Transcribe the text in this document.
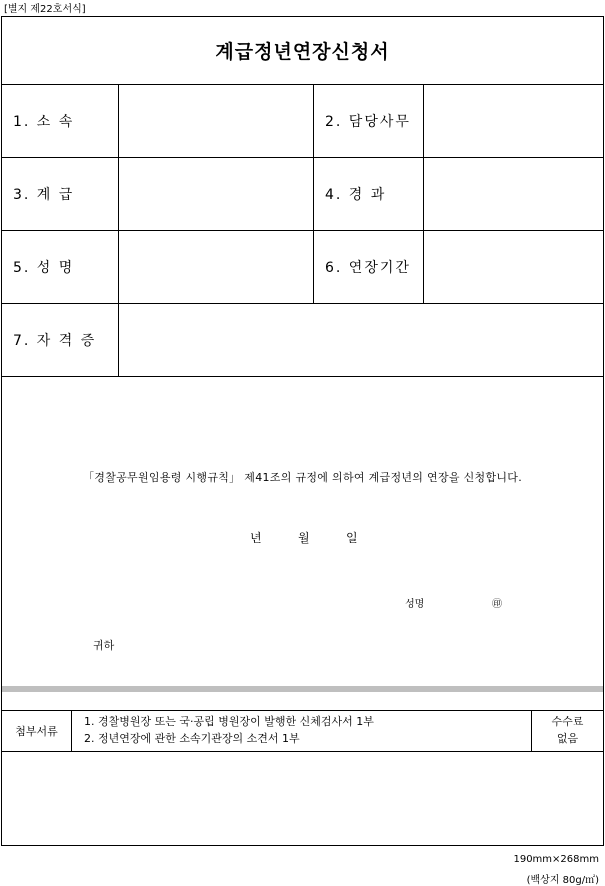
[별지 제22호서식]
계급정년연장신청서
1. 소 속	2. 담당사무
3. 계 급	4. 경 과
5. 성 명	6. 연장기간
7. 자 격 증
「경찰공무원임용령 시행규칙」 제41조의 규정에 의하여 계급정년의 연장을 신청합니다.
년	월	일
성명	㊞
귀하
첨부서류
1. 경찰병원장 또는 국·공립 병원장이 발행한 신체검사서 1부
2. 정년연장에 관한 소속기관장의 소견서 1부
수수료
없음
190mm×268mm
(백상지 80g/㎡)
